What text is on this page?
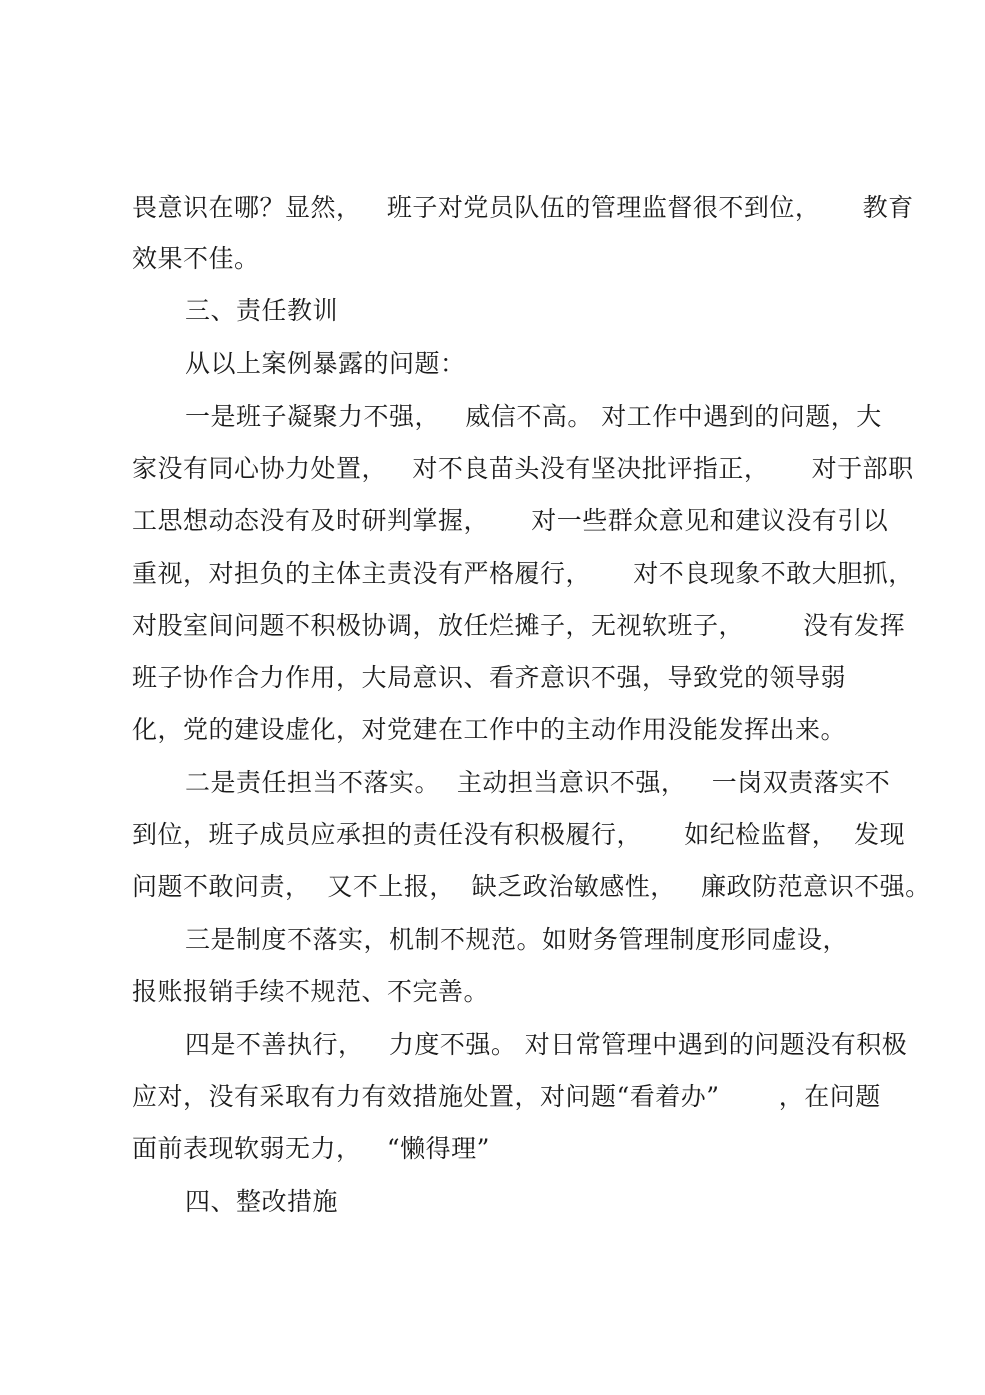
畏意识在哪？显然，   班子对党员队伍的管理监督很不到位，     教育
效果不佳。
三、责任教训
从以上案例暴露的问题：
一是班子凝聚力不强，   威信不高。 对工作中遇到的问题，大
家没有同心协力处置，   对不良苗头没有坚决批评指正，     对于部职
工思想动态没有及时研判掌握，     对一些群众意见和建议没有引以
重视，对担负的主体主责没有严格履行，     对不良现象不敢大胆抓，
对股室间问题不积极协调，放任烂摊子，无视软班子，       没有发挥
班子协作合力作用，大局意识、看齐意识不强，导致党的领导弱
化，党的建设虚化，对党建在工作中的主动作用没能发挥出来。
二是责任担当不落实。  主动担当意识不强，   一岗双责落实不
到位，班子成员应承担的责任没有积极履行，     如纪检监督，  发现
问题不敢问责，  又不上报，  缺乏政治敏感性，   廉政防范意识不强。
三是制度不落实，机制不规范。如财务管理制度形同虚设，
报账报销手续不规范、不完善。
四是不善执行，   力度不强。 对日常管理中遇到的问题没有积极
应对，没有采取有力有效措施处置，对问题“看着办”       ，在问题
面前表现软弱无力，   “懒得理”
四、整改措施
